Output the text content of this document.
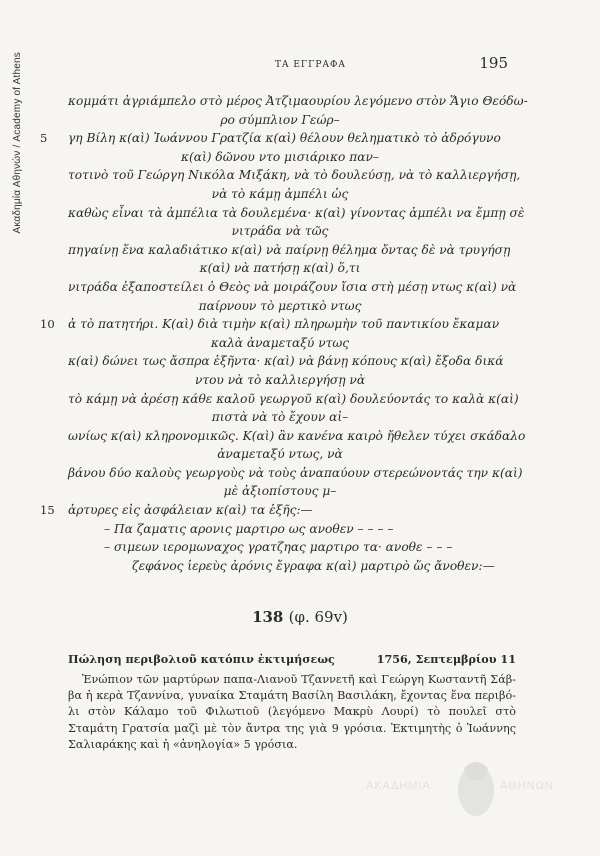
Ακαδημία Αθηνών / Academy of Athens	ΤΑ ΕΓΓΡΑΦΑ	195
κομμάτι ἀγριάμπελο στὸ μέρος Ἀτζιμαουρίου λεγόμενο στὸν Ἅγιο Θεόδω-
ρο σύμπλιον Γεώρ–
5 γη Βίλη κ(αὶ) Ἰωάννου Γρατζία κ(αὶ) θέλουν θεληματικὸ τὸ ἀδρόγυνο
κ(αὶ) δῶνου ντο μισιάρικο παν–
τοτινὸ τοῦ Γεώργη Νικόλα Μιξάκη, νὰ τὸ δουλεύσῃ, νὰ τὸ καλλιεργήσῃ,
νὰ τὸ κάμῃ ἀμπέλι ὡς
καθὼς εἶναι τὰ ἀμπέλια τὰ δουλεμένα· κ(αὶ) γίνοντας ἀμπέλι να ἔμπῃ σὲ
νιτράδα νὰ τῶς
πηγαίνῃ ἕνα καλαδιάτικο κ(αὶ) νὰ παίρνῃ θέλημα ὄντας δὲ νὰ τρυγήσῃ
κ(αὶ) νὰ πατήσῃ κ(αὶ) ὅ,τι
νιτράδα ἐξαποστείλει ὁ Θεὸς νὰ μοιράζουν ἴσια στὴ μέσῃ ντως κ(αὶ) νὰ
παίρνουν τὸ μερτικὸ ντως
10 ἀ τὸ πατητήρι. Κ(αὶ) διὰ τιμὴν κ(αὶ) πληρωμὴν τοῦ παντικίου ἔκαμαν
καλὰ ἀναμεταξύ ντως
κ(αὶ) δώνει τως ἄσπρα ἑξῆντα· κ(αὶ) νὰ βάνῃ κόπους κ(αὶ) ἔξοδα δικά
ντου νὰ τὸ καλλιεργήσῃ νὰ
τὸ κάμῃ νὰ ἀρέσῃ κάθε καλοῦ γεωργοῦ κ(αὶ) δουλεύοντάς το καλὰ κ(αὶ)
πιστὰ νὰ τὸ ἔχουν αἰ–
ωνίως κ(αὶ) κληρονομικῶς. Κ(αὶ) ἂν κανένα καιρὸ ἤθελεν τύχει σκάδαλο
ἀναμεταξύ ντως, νὰ
βάνου δύο καλοὺς γεωργοὺς νὰ τοὺς ἀναπαύουν στερεώνοντάς την κ(αὶ)
μὲ ἀξιοπίστους μ–
15 ἀρτυρες εἰς ἀσφάλειαν κ(αὶ) τα ἑξῆς:—
– Πα ζαματις αρονις μαρτιρο ως ανοθεν – – – –
– σιμεων ιερομωναχος γρατζηας μαρτιρο τα· ανοθε – – –
ζεφάνος ἱερεὺς ἀρόνις ἔγραφα κ(αὶ) μαρτιρὸ ὥς ἄνοθεν:—
138 (φ. 69v)
Πώληση περιβολιοῦ κατόπιν ἐκτιμήσεως	1756, Σεπτεμβρίου 11
Ἐνώπιον τῶν μαρτύρων παπα-Λιανοῦ Τζαννετῆ καὶ Γεώργη Κωσταντῆ Σάβ-βα ἡ κερὰ Τζαννίνα, γυναίκα Σταμάτη Βασίλη Βασιλάκη, ἔχοντας ἕνα περιβό-λι στὸν Κάλαμο τοῦ Φιλωτιοῦ (λεγόμενο Μακρὺ Λουρί) τὸ πουλεῖ στὸ Σταμάτη Γρατσία μαζὶ μὲ τὸν ἄντρα της γιὰ 9 γρόσια. Ἐκτιμητὴς ὁ Ἰωάννης Σαλιαράκης καὶ ἡ «ἀνηλογία» 5 γρόσια.
ΑΚΑΔΗΜΙΑ	ΑΘΗΝΩΝ
